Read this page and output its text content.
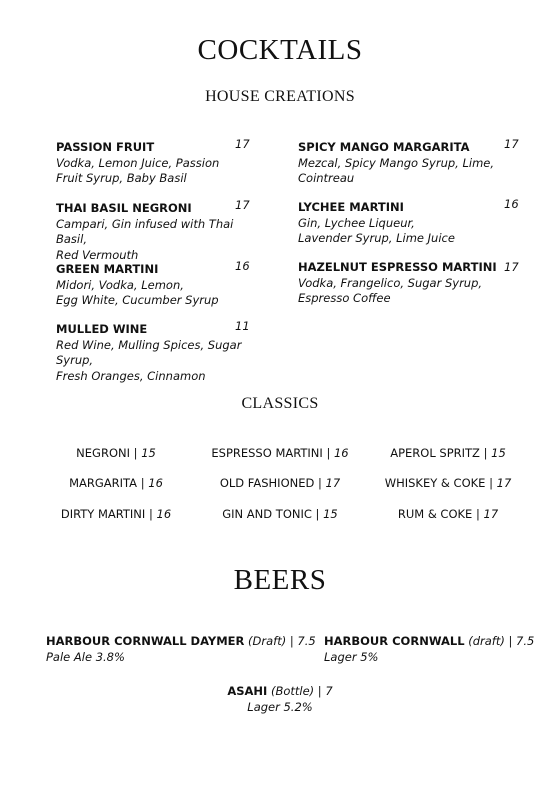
COCKTAILS
HOUSE CREATIONS
PASSION FRUIT
Vodka, Lemon Juice, Passion
Fruit Syrup, Baby Basil
17
THAI BASIL NEGRONI
Campari, Gin infused with Thai Basil,
Red Vermouth
17
GREEN MARTINI
Midori, Vodka, Lemon,
Egg White, Cucumber Syrup
16
MULLED WINE
Red Wine, Mulling Spices, Sugar Syrup,
Fresh Oranges, Cinnamon
11
SPICY MANGO MARGARITA
Mezcal, Spicy Mango Syrup, Lime,
Cointreau
17
LYCHEE MARTINI
Gin, Lychee Liqueur,
Lavender Syrup, Lime Juice
16
HAZELNUT ESPRESSO MARTINI
Vodka, Frangelico, Sugar Syrup,
Espresso Coffee
17
CLASSICS
NEGRONI | 15	ESPRESSO MARTINI | 16	APEROL SPRITZ | 15
MARGARITA | 16	OLD FASHIONED | 17	WHISKEY & COKE | 17
DIRTY MARTINI | 16	GIN AND TONIC | 15	RUM & COKE | 17
BEERS
HARBOUR CORNWALL DAYMER (Draft) | 7.5
Pale Ale 3.8%
HARBOUR CORNWALL (draft) | 7.5
Lager 5%
ASAHI (Bottle) | 7
Lager 5.2%
